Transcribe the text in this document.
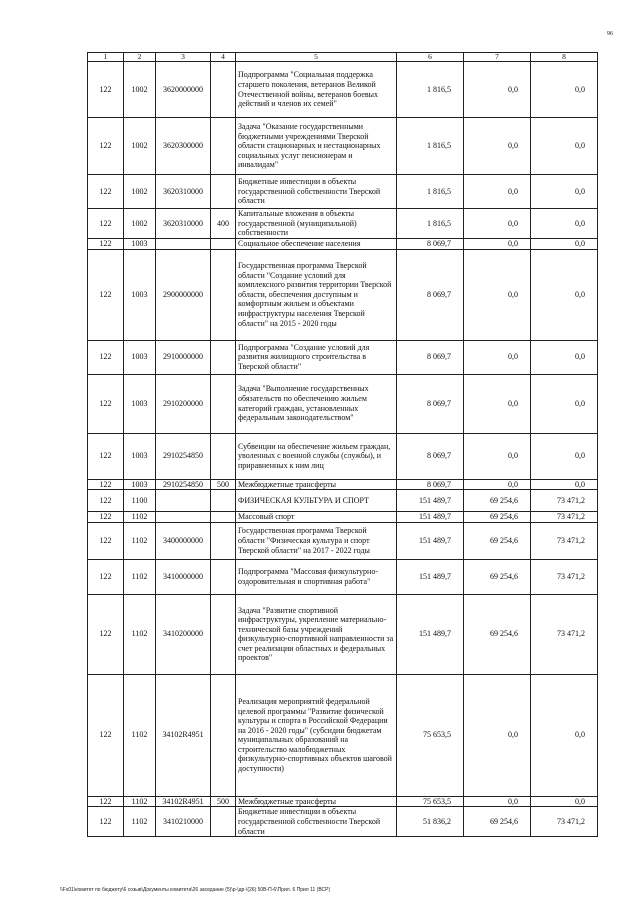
96
1	2	3	4	5	6	7	8
122	1002	3620000000		Подпрограмма "Социальная поддержка старшего поколения, ветеранов Великой Отечественной войны, ветеранов боевых действий и членов их семей"	1 816,5	0,0	0,0
122	1002	3620300000		Задача "Оказание государственными бюджетными учреждениями Тверской области стационарных и нестационарных социальных услуг пенсионерам и инвалидам"	1 816,5	0,0	0,0
122	1002	3620310000		Бюджетные инвестиции в объекты государственной собственности Тверской области	1 816,5	0,0	0,0
122	1002	3620310000	400	Капитальные вложения в объекты государственной (муниципальной) собственности	1 816,5	0,0	0,0
122	1003			Социальное обеспечение населения	8 069,7	0,0	0,0
122	1003	2900000000		Государственная программа Тверской области "Создание условий для комплексного развития территории Тверской области, обеспечения доступным и комфортным жильем и объектами инфраструктуры населения Тверской области" на 2015 - 2020 годы	8 069,7	0,0	0,0
122	1003	2910000000		Подпрограмма "Создание условий для развития жилищного строительства в Тверской области"	8 069,7	0,0	0,0
122	1003	2910200000		Задача "Выполнение государственных обязательств по обеспечению жильем категорий граждан, установленных федеральным законодательством"	8 069,7	0,0	0,0
122	1003	2910254850		Субвенции на обеспечение жильем граждан, уволенных с военной службы (службы), и приравненных к ним лиц	8 069,7	0,0	0,0
122	1003	2910254850	500	Межбюджетные трансферты	8 069,7	0,0	0,0
122	1100			ФИЗИЧЕСКАЯ КУЛЬТУРА И СПОРТ	151 489,7	69 254,6	73 471,2
122	1102			Массовый спорт	151 489,7	69 254,6	73 471,2
122	1102	3400000000		Государственная программа Тверской области "Физическая культура и спорт Тверской области" на 2017 - 2022 годы	151 489,7	69 254,6	73 471,2
122	1102	3410000000		Подпрограмма "Массовая физкультурно-оздоровительная и спортивная работа"	151 489,7	69 254,6	73 471,2
122	1102	3410200000		Задача "Развитие спортивной инфраструктуры, укрепление материально-технической базы учреждений физкультурно-спортивной направленности за счет реализации областных и федеральных проектов"	151 489,7	69 254,6	73 471,2
122	1102	34102R4951		Реализация мероприятий федеральной целевой программы "Развитие физической культуры и спорта в Российской Федерации на 2016 - 2020 годы" (субсидии бюджетам муниципальных образований на строительство малобюджетных физкультурно-спортивных объектов шаговой доступности)	75 653,5	0,0	0,0
122	1102	34102R4951	500	Межбюджетные трансферты	75 653,5	0,0	0,0
122	1102	3410210000		Бюджетные инвестиции в объекты государственной собственности Тверской области	51 836,2	69 254,6	73 471,2
\\Fs01\комитет по бюджету\6 созыв\Документы комитета\26 заседание (5)\р-\др-\(26) 50В-П-6\Прил. 6 Прил 11 (ВСР)
